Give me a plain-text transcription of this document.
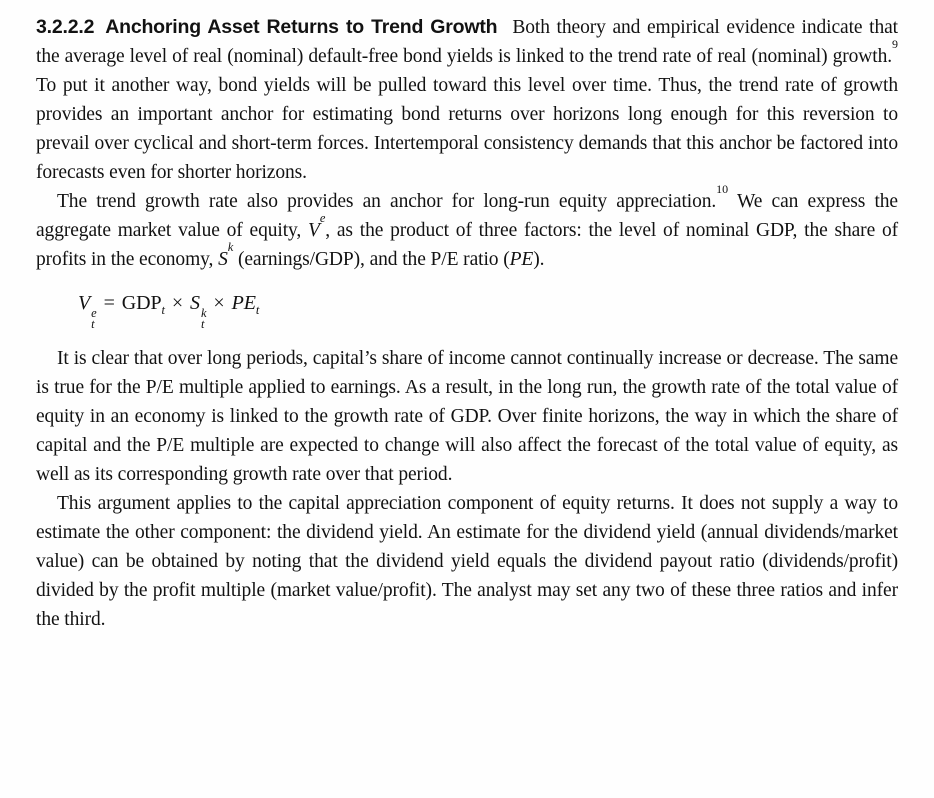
3.2.2.2 Anchoring Asset Returns to Trend Growth Both theory and empirical evidence indicate that the average level of real (nominal) default-free bond yields is linked to the trend rate of real (nominal) growth.$^9$ To put it another way, bond yields will be pulled toward this level over time. Thus, the trend rate of growth provides an important anchor for estimating bond returns over horizons long enough for this reversion to prevail over cyclical and short-term forces. Intertemporal consistency demands that this anchor be factored into forecasts even for shorter horizons.

The trend growth rate also provides an anchor for long-run equity appreciation.$^{10}$ We can express the aggregate market value of equity, Ve, as the product of three factors: the level of nominal GDP, the share of profits in the economy, $S^k$ (earnings/GDP), and the P/E ratio (PE).

V e
t
= $GDP_t \times S$ k
t
× $PE_t$

It is clear that over long periods, capital’s share of income cannot continually increase or decrease. The same is true for the P/E multiple applied to earnings. As a result, in the long run, the growth rate of the total value of equity in an economy is linked to the growth rate of GDP. Over finite horizons, the way in which the share of capital and the P/E multiple are expected to change will also affect the forecast of the total value of equity, as well as its corresponding growth rate over that period.

This argument applies to the capital appreciation component of equity returns. It does not supply a way to estimate the other component: the dividend yield. An estimate for the dividend yield (annual dividends/market value) can be obtained by noting that the dividend yield equals the dividend payout ratio (dividends/profit) divided by the profit multiple (market value/profit). The analyst may set any two of these three ratios and infer the third.
